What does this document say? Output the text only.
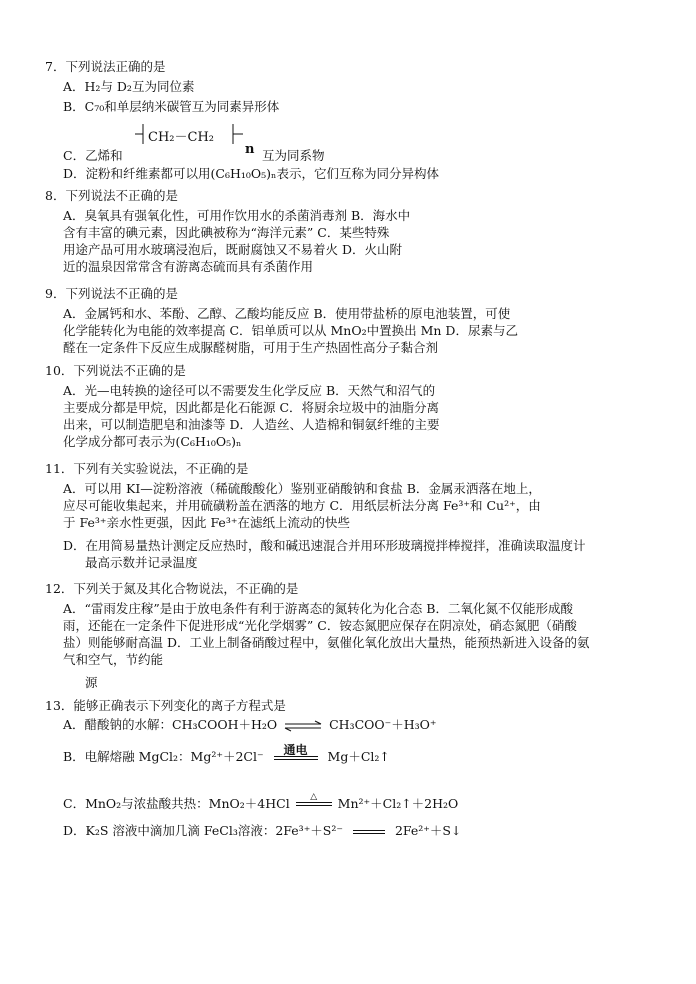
7．下列说法正确的是
A．H₂与 D₂互为同位素
B．C₇₀和单层纳米碳管互为同素异形体
C．乙烯和
CH₂－CH₂
n 互为同系物
D．淀粉和纤维素都可以用(C₆H₁₀O₅)ₙ表示，它们互称为同分异构体
8．下列说法不正确的是
A．臭氧具有强氧化性，可用作饮用水的杀菌消毒剂 B．海水中
含有丰富的碘元素，因此碘被称为“海洋元素” C．某些特殊
用途产品可用水玻璃浸泡后，既耐腐蚀又不易着火 D．火山附
近的温泉因常常含有游离态硫而具有杀菌作用
9．下列说法不正确的是
A．金属钙和水、苯酚、乙醇、乙酸均能反应 B．使用带盐桥的原电池装置，可使
化学能转化为电能的效率提高 C．铝单质可以从 MnO₂中置换出 Mn D．尿素与乙
醛在一定条件下反应生成脲醛树脂，可用于生产热固性高分子黏合剂
10．下列说法不正确的是
A．光—电转换的途径可以不需要发生化学反应 B．天然气和沼气的
主要成分都是甲烷，因此都是化石能源 C．将厨余垃圾中的油脂分离
出来，可以制造肥皂和油漆等 D．人造丝、人造棉和铜氨纤维的主要
化学成分都可表示为(C₆H₁₀O₅)ₙ
11．下列有关实验说法，不正确的是
A．可以用 KI—淀粉溶液（稀硫酸酸化）鉴别亚硝酸钠和食盐 B．金属汞洒落在地上，
应尽可能收集起来，并用硫磺粉盖在洒落的地方 C．用纸层析法分离 Fe³⁺和 Cu²⁺，由
于 Fe³⁺亲水性更强，因此 Fe³⁺在滤纸上流动的快些
D．在用简易量热计测定反应热时，酸和碱迅速混合并用环形玻璃搅拌棒搅拌，准确读取温度计
最高示数并记录温度
12．下列关于氮及其化合物说法，不正确的是
A．“雷雨发庄稼”是由于放电条件有利于游离态的氮转化为化合态 B．二氧化氮不仅能形成酸
雨，还能在一定条件下促进形成“光化学烟雾” C．铵态氮肥应保存在阴凉处，硝态氮肥（硝酸
盐）则能够耐高温 D．工业上制备硝酸过程中，氨催化氧化放出大量热，能预热新进入设备的氨
气和空气，节约能
源
13．能够正确表示下列变化的离子方程式是
A．醋酸钠的水解：CH₃COOH＋H₂O ⇌ CH₃COO⁻＋H₃O⁺
B．电解熔融 MgCl₂：Mg²⁺＋2Cl⁻	通电	Mg＋Cl₂↑
C．MnO₂与浓盐酸共热：MnO₂＋4HCl	△	Mn²⁺＋Cl₂↑＋2H₂O
D．K₂S 溶液中滴加几滴 FeCl₃溶液：2Fe³⁺＋S²⁻	2Fe²⁺＋S↓
